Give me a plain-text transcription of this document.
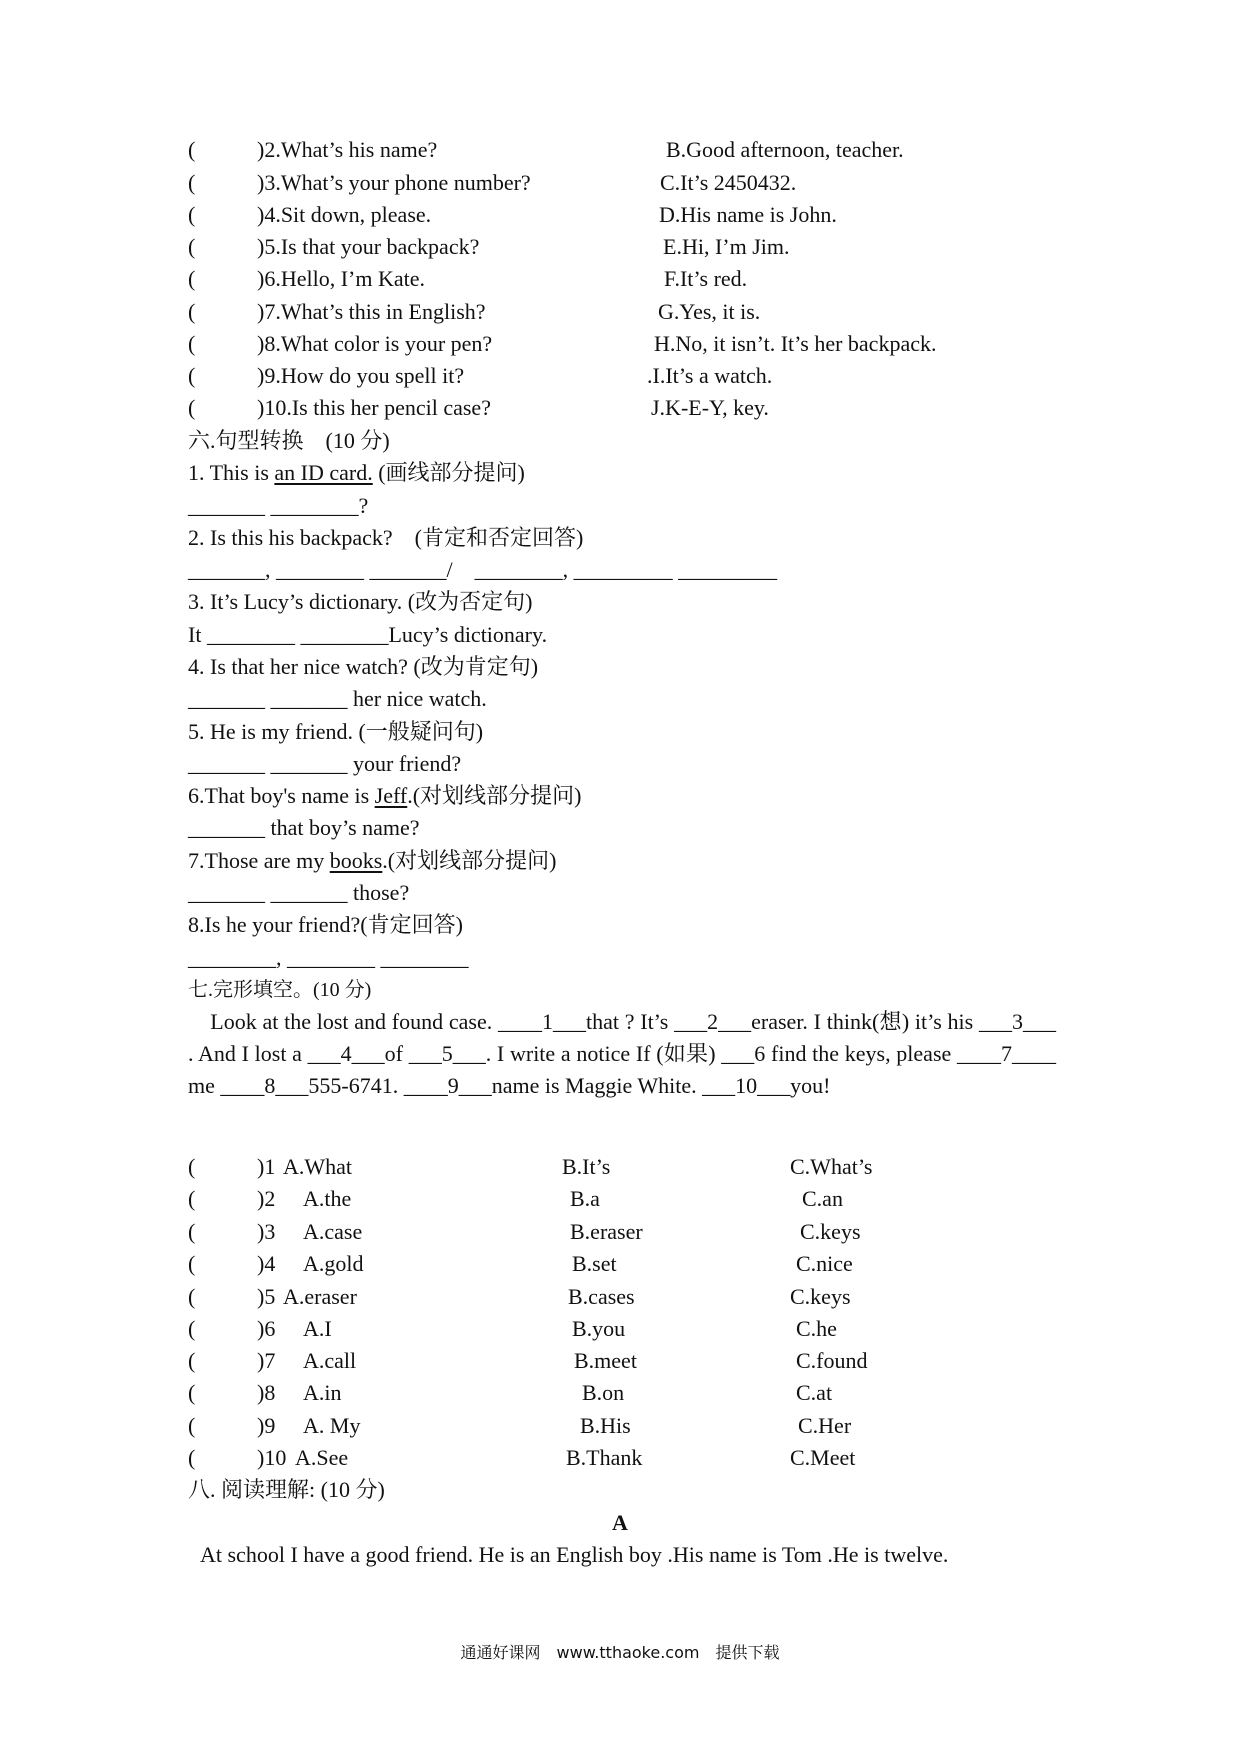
(	)2.What’s his name?	B.Good afternoon, teacher.
(	)3.What’s your phone number?	C.It’s 2450432.
(	)4.Sit down, please.	D.His name is John.
(	)5.Is that your backpack?	E.Hi, I’m Jim.
(	)6.Hello, I’m Kate.	F.It’s red.
(	)7.What’s this in English?	G.Yes, it is.
(	)8.What color is your pen?	H.No, it isn’t. It’s her backpack.
(	)9.How do you spell it?	.I.It’s a watch.
(	)10.Is this her pencil case?	J.K-E-Y, key.
六.句型转换　(10 分)
1. This is an ID card. (画线部分提问)
_______ ________?
2. Is this his backpack?　(肯定和否定回答)
_______, ________ _______/　________, _________ _________
3. It’s Lucy’s dictionary. (改为否定句)
It ________ ________Lucy’s dictionary.
4. Is that her nice watch? (改为肯定句)
_______ _______ her nice watch.
5. He is my friend. (一般疑问句)
_______ _______ your friend?
6.That boy's name is Jeff.(对划线部分提问)
_______ that boy’s name?
7.Those are my books.(对划线部分提问)
_______ _______ those?
8.Is he your friend?(肯定回答)
________, ________ ________
七.完形填空。(10 分)
　Look at the lost and found case. ____1___that ? It’s ___2___eraser. I think(想) it’s his ___3___ . And I lost a ___4___of ___5___. I write a notice If (如果) ___6 find the keys, please ____7____ me ____8___555-6741. ____9___name is Maggie White. ___10___you!
(	)1 A.What	B.It’s	C.What’s
(	)2 A.the	B.a	C.an
(	)3 A.case	B.eraser	C.keys
(	)4 A.gold	B.set	C.nice
(	)5 A.eraser	B.cases	C.keys
(	)6 A.I	B.you	C.he
(	)7 A.call	B.meet	C.found
(	)8 A.in	B.on	C.at
(	)9 A. My	B.His	C.Her
(	)10 A.See	B.Thank	C.Meet
八. 阅读理解: (10 分)
A
At school I have a good friend. He is an English boy .His name is Tom .He is twelve.
通通好课网　www.tthaoke.com　提供下载
